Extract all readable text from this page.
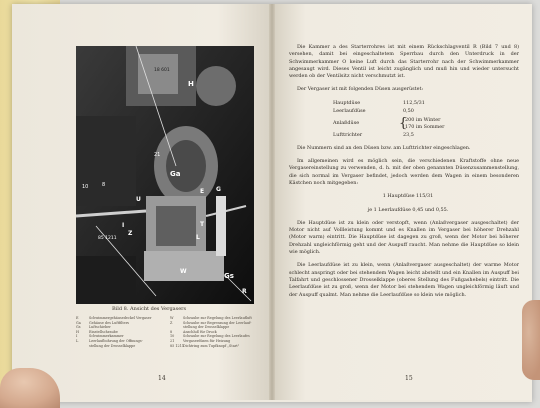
H
21
Ga
10	8
E G
U
I
Z
L
T
W
Gs
R
85 1211
18 601
Bild 8. Ansicht des Vergasers
E	Schwimmergehäusedeckel Vergaser
Ga	Gehäuse des Luftfilters
Gs	Luftschieber
H	Einstellschraube
I	Schwimmerkammer
L	Leerlaufbohrung der Öffnungs-
stellung der Drosselklappe
W	Schraube zur Regelung des Leerlaufluft
Z	Schraube zur Begrenzung der Leerlauf-
stellung der Drosselklappe
8	Anschluß für Druck
10	Schraube zur Regelung des Leerlaufes
21	Vergaserdüsen für Heizung
85 1211
Dichtring zum Tupfknopf „Start"
14

Die Kammer a des Starterrohres ist mit einem Rückschlagventil R (Bild 7 und 8) versehen, damit bei eingeschaltetem Sperrbau durch den Unterdruck in der Schwimmerkammer O keine Luft durch das Starterrohr nach der Schwimmerkammer angesaugt wird. Dieses Ventil ist leicht zugänglich und muß hin und wieder untersucht werden ob der Ventilsitz nicht verschmutzt ist.

Der Vergaser ist mit folgenden Düsen ausgerüstet:

Hauptdüse	112,5/31
Leerlaufdüse	0,50
Anlaßdüse	{
200 im Winter
170 im Sommer
Lufttrichter	23,5

Die Nummern sind an den Düsen bzw. am Lufttrichter eingeschlagen.

Im allgemeinen wird es möglich sein, die verschiedenen Kraftstoffe ohne neue Vergasereinstellung zu verwenden, d. h. mit der oben genannten Düsenzusammenstellung, die sich normal im Vergaser befindet, jedoch werden dem Wagen in einem besonderen Kästchen noch mitgegeben:

1 Hauptdüse 115/31

je 1 Leerlaufdüse 0,45 und 0,55.

Die Hauptdüse ist zu klein oder verstopft, wenn (Anlaßvergaser ausgeschaltet) der Motor nicht auf Vollleistung kommt und es Knallen im Vergaser bei höherer Drehzahl (Motor warm) eintritt. Die Hauptdüse ist dagegen zu groß, wenn der Motor bei höherer Drehzahl ungleichförmig geht und der Auspuff raucht. Man nehme die Hauptdüse so klein wie möglich.

Die Leerlaufdüse ist zu klein, wenn (Anlaßvergaser ausgeschaltet) der warme Motor schlecht anspringt oder bei stehendem Wagen leicht abstellt und ein Knallen im Auspuff bei Talfahrt und geschlossener Drosselklappe (oberes Stellung des Fußgashebels) eintritt. Die Leerlaufdüse ist zu groß, wenn der Motor bei stehendem Wagen ungleichförmig läuft und der Auspuff qualmt. Man nehme die Leerlaufdüse so klein wie möglich.

15
